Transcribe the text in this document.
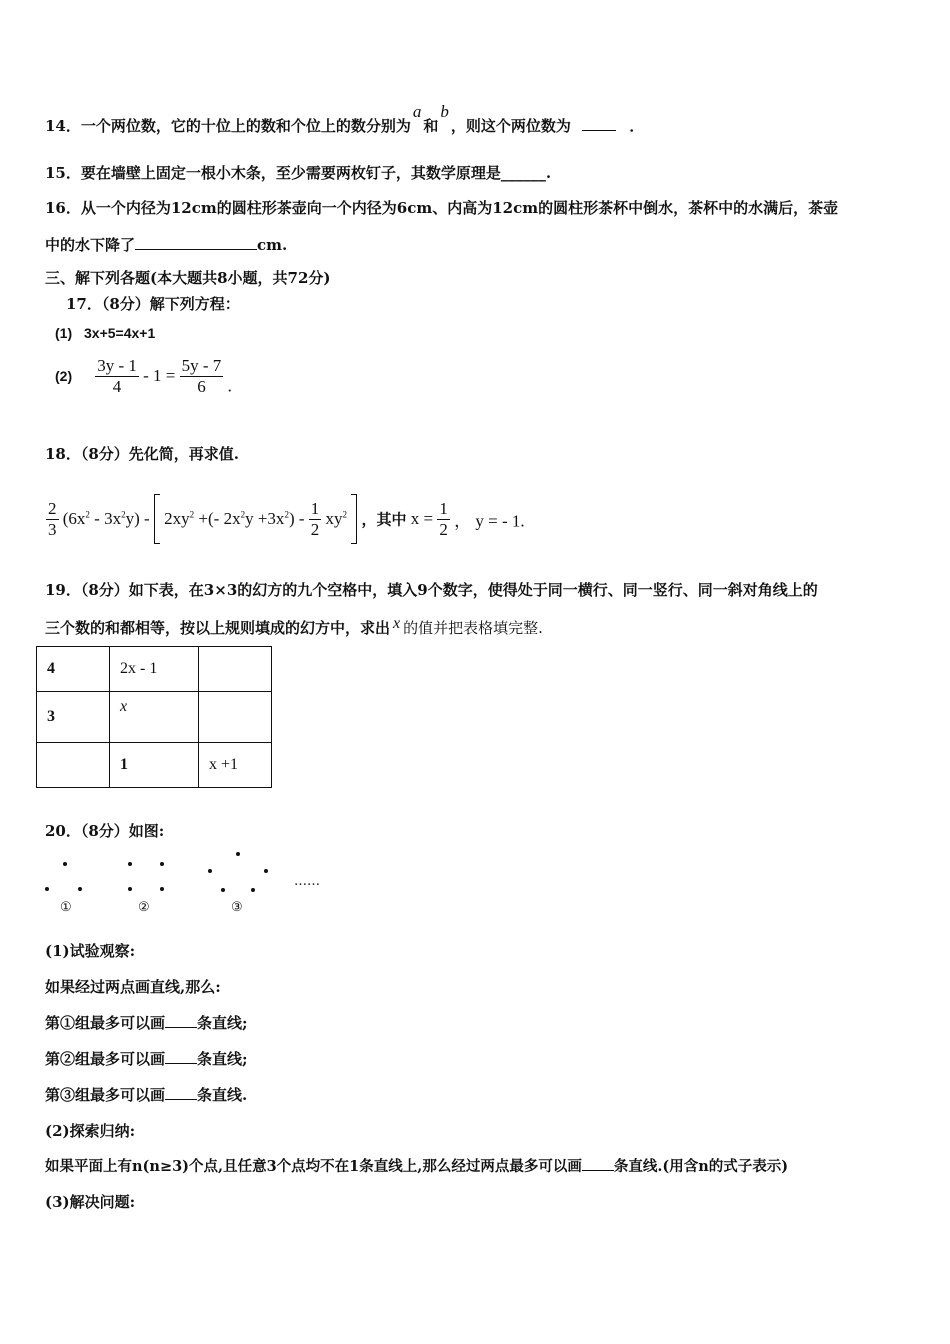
14．一个两位数，它的十位上的数和个位上的数分别为a和b，则这个两位数为	．
15．要在墙壁上固定一根小木条，至少需要两枚钉子，其数学原理是______.
16．从一个内径为12cm的圆柱形茶壶向一个内径为6cm、内高为12cm的圆柱形茶杯中倒水，茶杯中的水满后，茶壶
中的水下降了	cm.
三、解下列各题(本大题共8小题，共72分)
17．（8分）解下列方程：
(1) 3x+5=4x+1
$(2) \frac{3y - 1}{4} - 1 = \frac{5y - 7}{6}$ .
18．（8分）先化简，再求值.
$\frac{2}{3} (6x^2 - 3x^2y) - 2xy^2$ +(- $2x^2y +3x^2) - \frac{1}{2} xy^2$ ，其中 $x = \frac{1}{2}$ ， y = - 1.
19．（8分）如下表，在3×3的幻方的九个空格中，填入9个数字，使得处于同一横行、同一竖行、同一斜对角线上的
三个数的和都相等，按以上规则填成的幻方中，求出 x 的值并把表格填完整.
4	2x - 1	
3	x	
	1	x +1
20．（8分）如图:
……
①	②	③
(1)试验观察:
如果经过两点画直线,那么:
第①组最多可以画 条直线;
第②组最多可以画 条直线;
第③组最多可以画 条直线.
(2)探索归纳:
如果平面上有n(n≥3)个点,且任意3个点均不在1条直线上,那么经过两点最多可以画 条直线.(用含n的式子表示)
(3)解决问题:
